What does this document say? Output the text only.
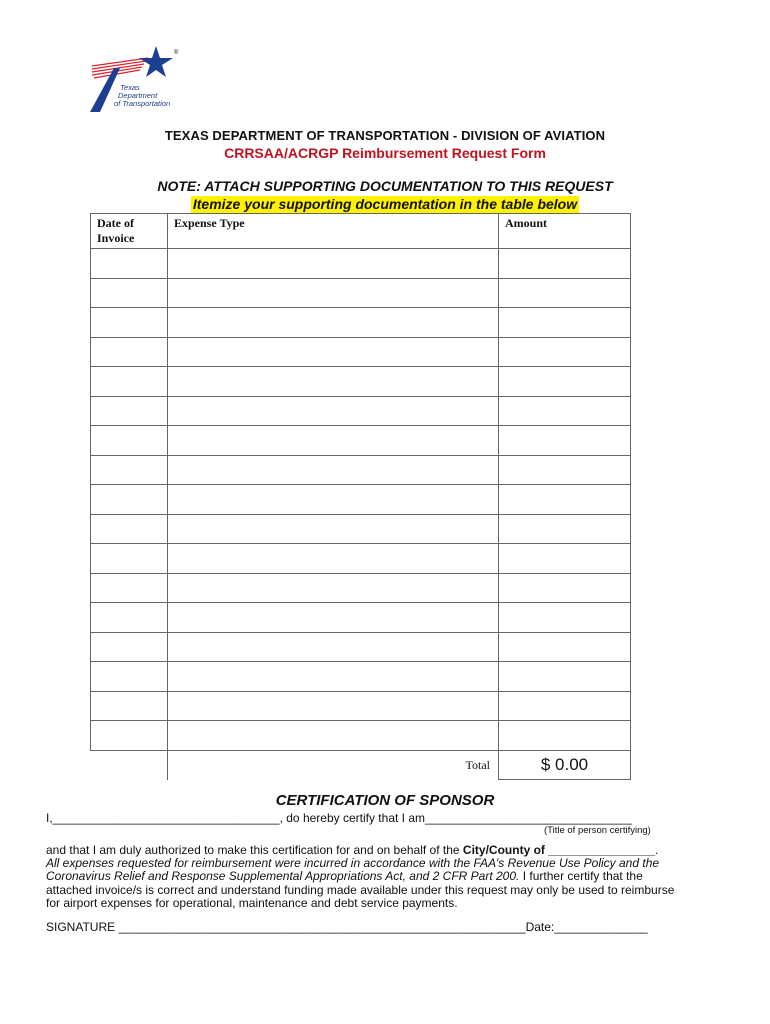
®
Texas
Department
of Transportation
TEXAS DEPARTMENT OF TRANSPORTATION - DIVISION OF AVIATION
CRRSAA/ACRGP Reimbursement Request Form
NOTE: ATTACH SUPPORTING DOCUMENTATION TO THIS REQUEST
Itemize your supporting documentation in the table below
Date of Invoice	Expense Type	Amount

	Total	$ 0.00
CERTIFICATION OF SPONSOR
I,__________________________________, do hereby certify that I am_______________________________
(Title of person certifying)
and that I am duly authorized to make this certification for and on behalf of the City/County of ________________.
All expenses requested for reimbursement were incurred in accordance with the FAA's Revenue Use Policy and the
Coronavirus Relief and Response Supplemental Appropriations Act, and 2 CFR Part 200. I further certify that the
attached invoice/s is correct and understand funding made available under this request may only be used to reimburse
for airport expenses for operational, maintenance and debt service payments.
SIGNATURE _____________________________________________________________Date:______________
